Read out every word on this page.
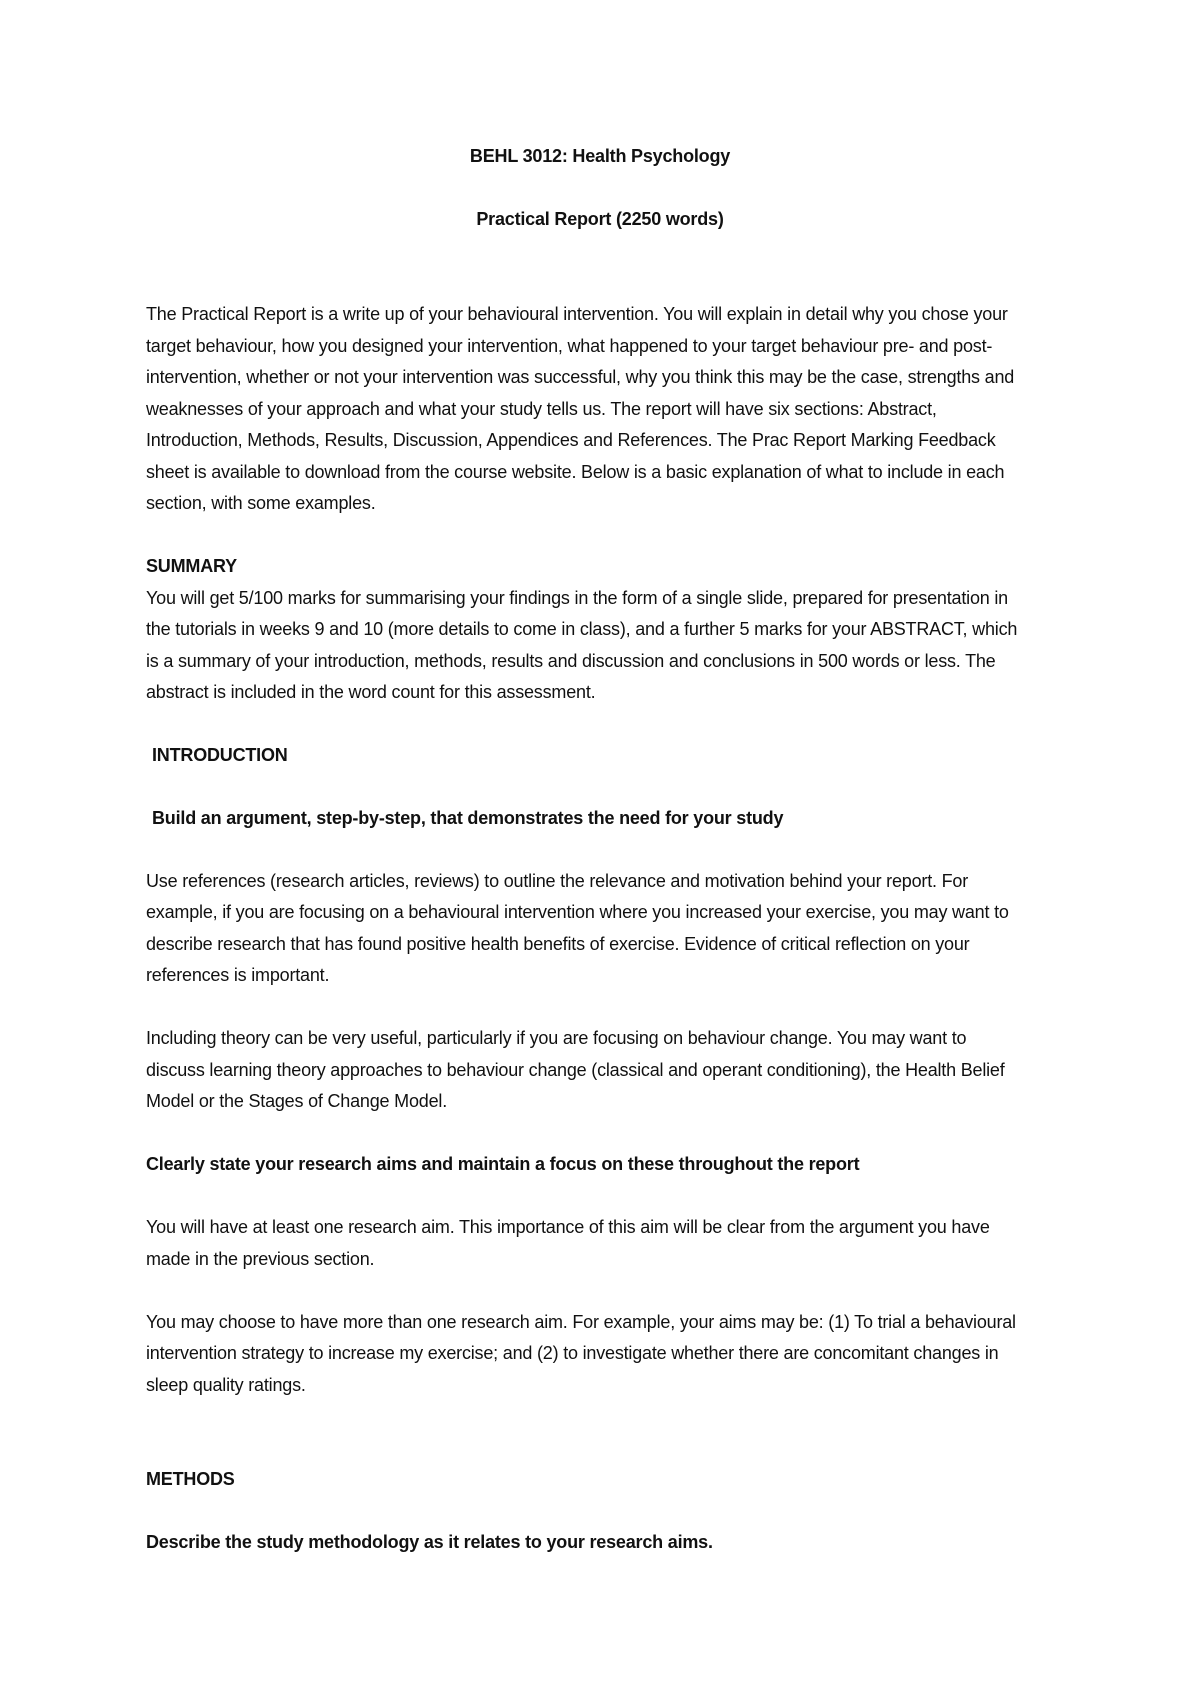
BEHL 3012: Health Psychology
Practical Report (2250 words)
The Practical Report is a write up of your behavioural intervention. You will explain in detail why you chose your
target behaviour, how you designed your intervention, what happened to your target behaviour pre- and post-
intervention, whether or not your intervention was successful, why you think this may be the case, strengths and
weaknesses of your approach and what your study tells us. The report will have six sections: Abstract,
Introduction, Methods, Results, Discussion, Appendices and References. The Prac Report Marking Feedback
sheet is available to download from the course website. Below is a basic explanation of what to include in each
section, with some examples.
SUMMARY
You will get 5/100 marks for summarising your findings in the form of a single slide, prepared for presentation in
the tutorials in weeks 9 and 10 (more details to come in class), and a further 5 marks for your ABSTRACT, which
is a summary of your introduction, methods, results and discussion and conclusions in 500 words or less. The
abstract is included in the word count for this assessment.
INTRODUCTION
Build an argument, step-by-step, that demonstrates the need for your study
Use references (research articles, reviews) to outline the relevance and motivation behind your report. For
example, if you are focusing on a behavioural intervention where you increased your exercise, you may want to
describe research that has found positive health benefits of exercise. Evidence of critical reflection on your
references is important.
Including theory can be very useful, particularly if you are focusing on behaviour change. You may want to
discuss learning theory approaches to behaviour change (classical and operant conditioning), the Health Belief
Model or the Stages of Change Model.
Clearly state your research aims and maintain a focus on these throughout the report
You will have at least one research aim. This importance of this aim will be clear from the argument you have
made in the previous section.
You may choose to have more than one research aim. For example, your aims may be: (1) To trial a behavioural
intervention strategy to increase my exercise; and (2) to investigate whether there are concomitant changes in
sleep quality ratings.
METHODS
Describe the study methodology as it relates to your research aims.
